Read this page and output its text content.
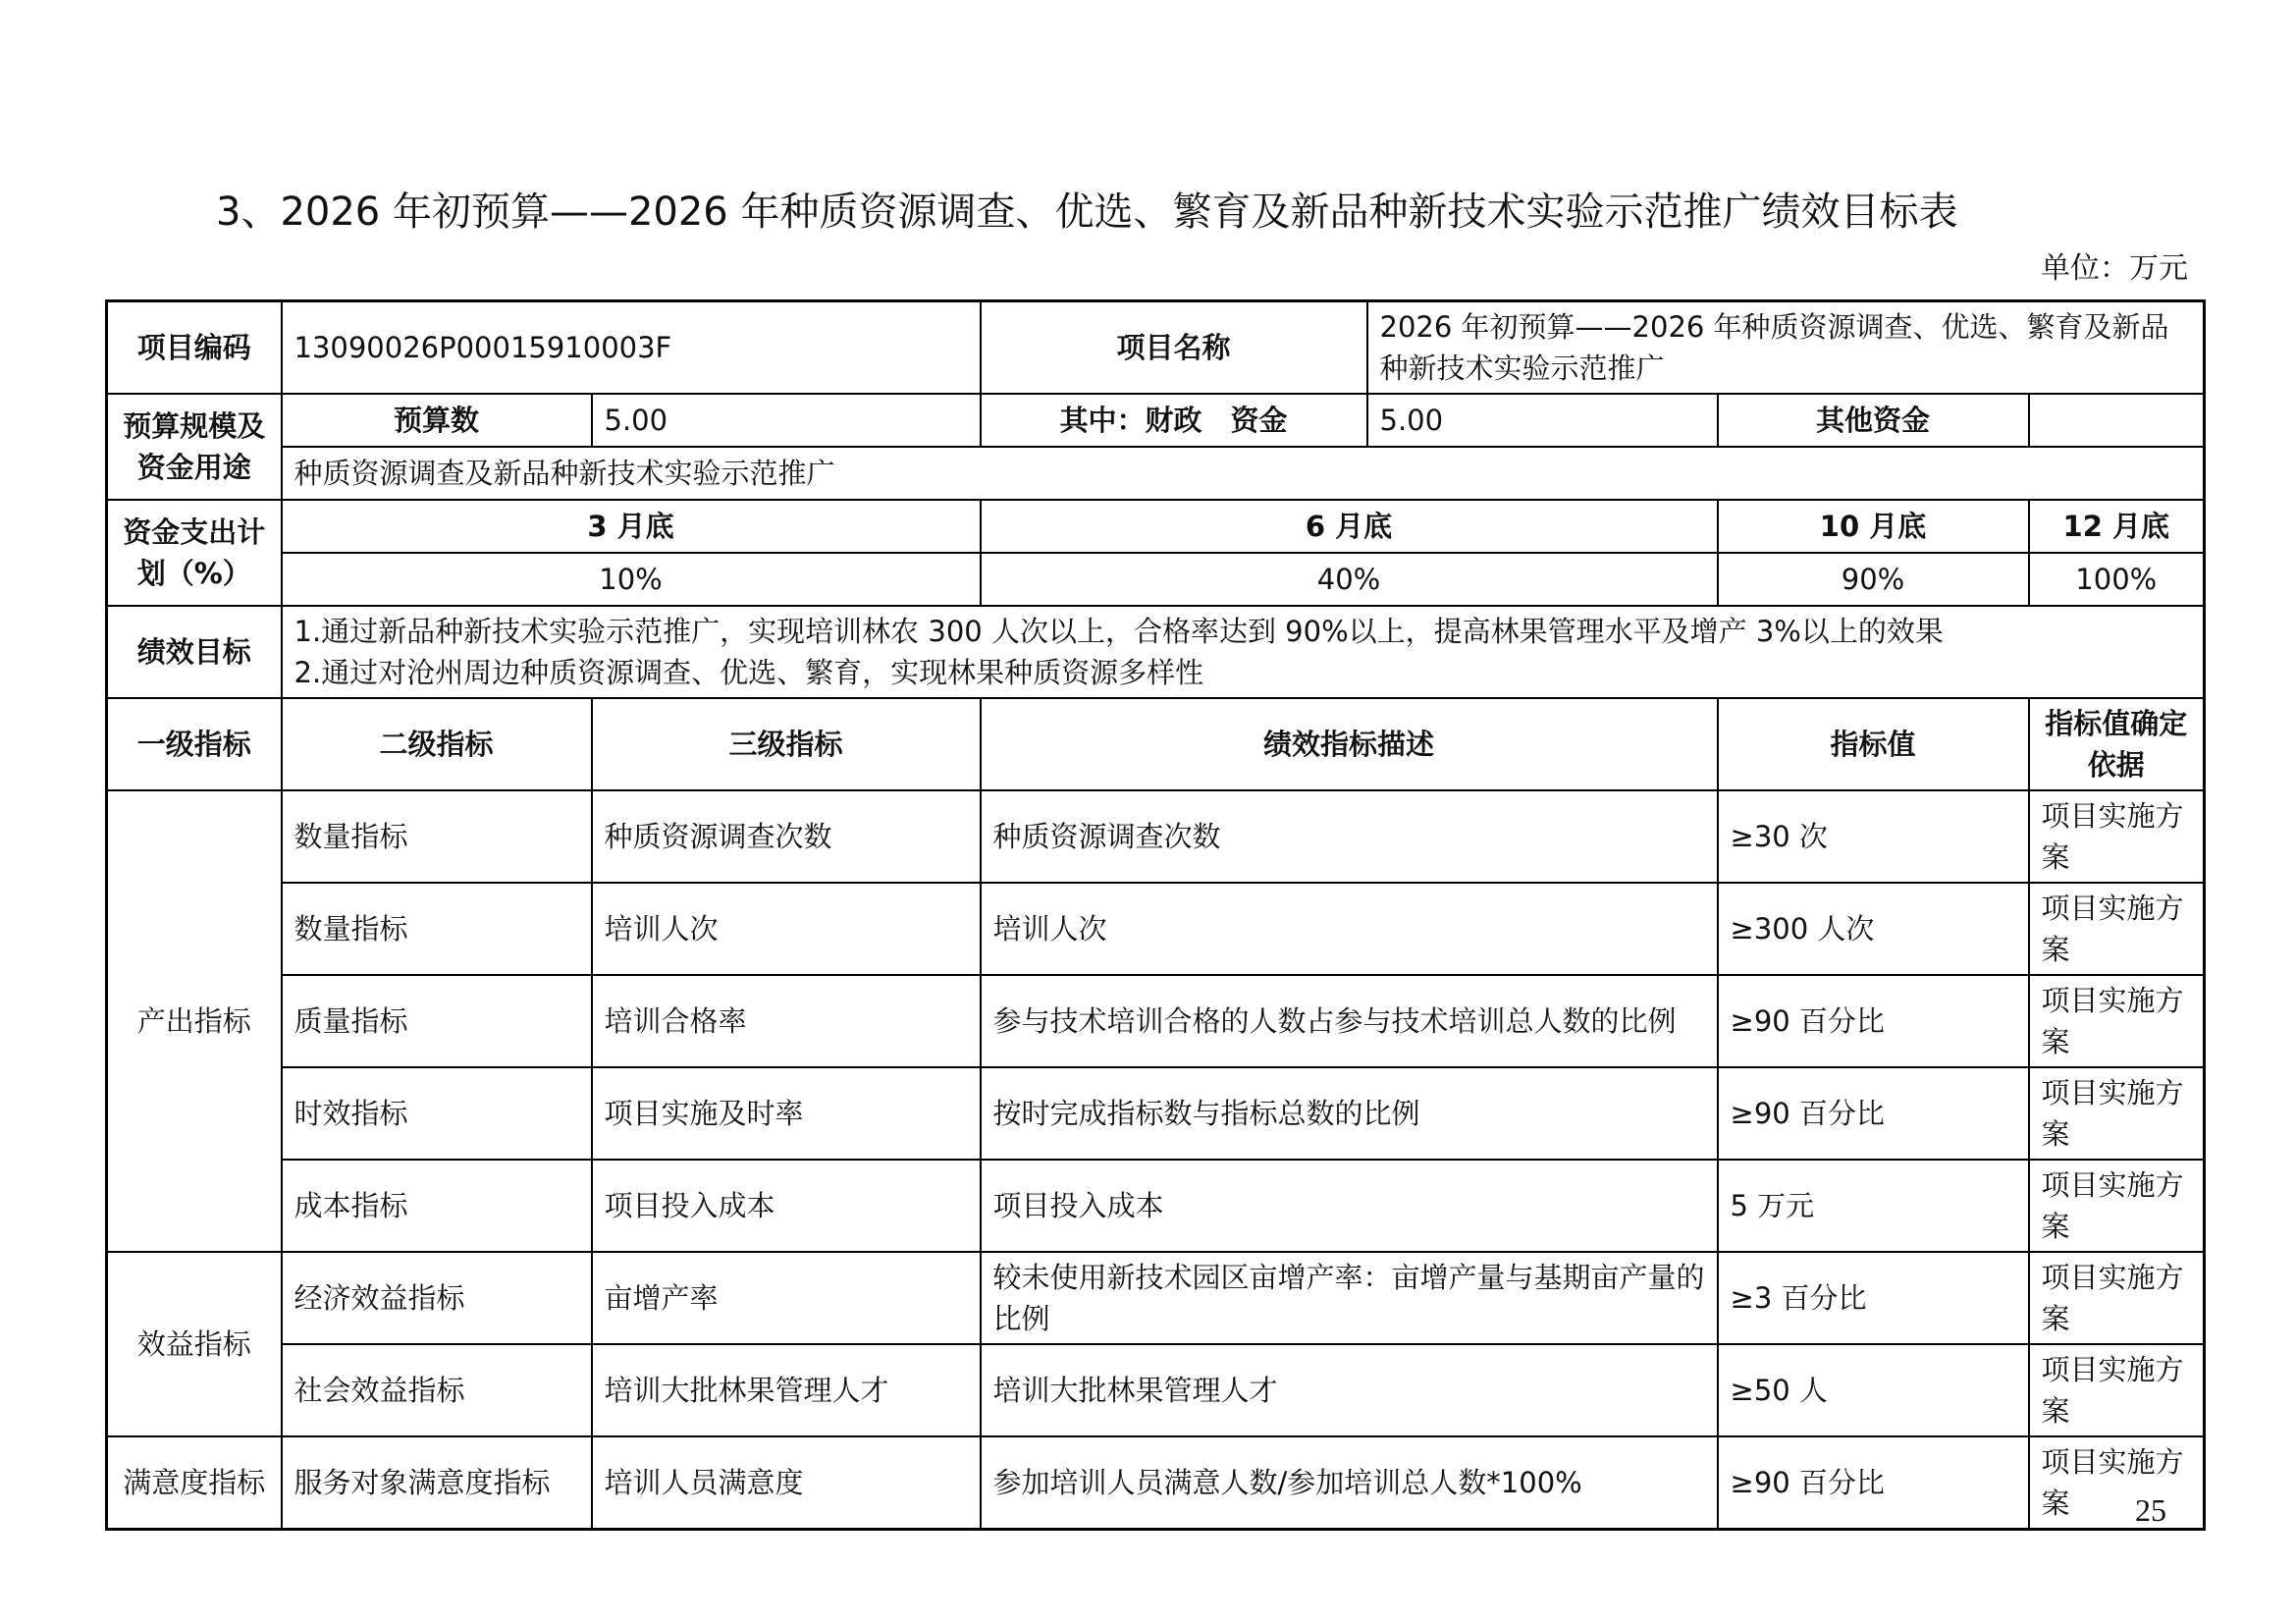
3、2026 年初预算——2026 年种质资源调查、优选、繁育及新品种新技术实验示范推广绩效目标表
单位：万元
项目编码	13090026P00015910003F		项目名称	2026 年初预算——2026 年种质资源调查、优选、繁育及新品种新技术实验示范推广		
预算规模及资金用途	预算数	5.00	其中：财政　资金	5.00	其他资金	
	种质资源调查及新品种新技术实验示范推广					
资金支出计划（%）	3 月底		6 月底		10 月底	12 月底
	10%		40%		90%	100%
绩效目标	1.通过新品种新技术实验示范推广，实现培训林农 300 人次以上，合格率达到 90%以上，提高林果管理水平及增产 3%以上的效果
2.通过对沧州周边种质资源调查、优选、繁育，实现林果种质资源多样性					

一级指标	二级指标	三级指标	绩效指标描述		指标值	指标值确定依据
产出指标	数量指标	种质资源调查次数	种质资源调查次数		≥30 次	项目实施方案
	数量指标	培训人次	培训人次		≥300 人次	项目实施方案
	质量指标	培训合格率	参与技术培训合格的人数占参与技术培训总人数的比例		≥90 百分比	项目实施方案
	时效指标	项目实施及时率	按时完成指标数与指标总数的比例		≥90 百分比	项目实施方案
	成本指标	项目投入成本	项目投入成本		5 万元	项目实施方案
效益指标	经济效益指标	亩增产率	较未使用新技术园区亩增产率：亩增产量与基期亩产量的比例		≥3 百分比	项目实施方案
	社会效益指标	培训大批林果管理人才	培训大批林果管理人才		≥50 人	项目实施方案
满意度指标	服务对象满意度指标	培训人员满意度	参加培训人员满意人数/参加培训总人数*100%		≥90 百分比	项目实施方案 25
